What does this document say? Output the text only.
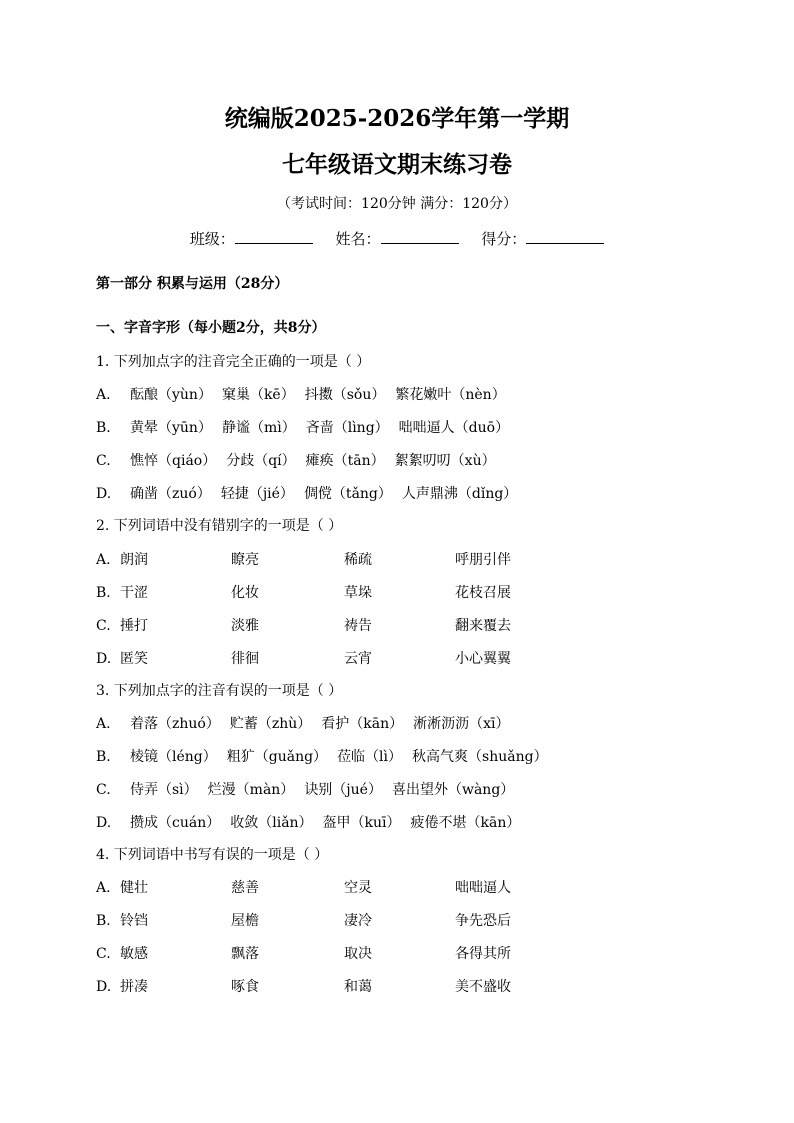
统编版2025-2026学年第一学期
七年级语文期末练习卷
（考试时间：120分钟 满分：120分）
班级：	姓名：	得分：
第一部分 积累与运用（28分）
一、字音字形（每小题2分，共8分）
1. 下列加点字的注音完全正确的一项是（ ）
A. 酝酿（yùn） 窠巢（kē） 抖擞（sǒu） 繁花嫩叶（nèn）
B. 黄晕（yūn） 静谧（mì） 吝啬（lìng） 咄咄逼人（duō）
C. 憔悴（qiáo） 分歧（qí） 瘫痪（tān） 絮絮叨叨（xù）
D. 确凿（zuó） 轻捷（jié） 倜傥（tǎng） 人声鼎沸（dǐng）
2. 下列词语中没有错别字的一项是（ ）
A. 朗润	瞭亮	稀疏	呼朋引伴
B. 干涩	化妆	草垛	花枝召展
C. 捶打	淡雅	祷告	翻来覆去
D. 匿笑	徘徊	云宵	小心翼翼
3. 下列加点字的注音有误的一项是（ ）
A. 着落（zhuó） 贮蓄（zhù） 看护（kān） 淅淅沥沥（xī）
B. 棱镜（léng） 粗犷（guǎng） 莅临（lì） 秋高气爽（shuǎng）
C. 侍弄（sì） 烂漫（màn） 诀别（jué） 喜出望外（wàng）
D. 攒成（cuán） 收敛（liǎn） 盔甲（kuī） 疲倦不堪（kān）
4. 下列词语中书写有误的一项是（ ）
A. 健壮	慈善	空灵	咄咄逼人
B. 铃铛	屋檐	凄冷	争先恐后
C. 敏感	飘落	取决	各得其所
D. 拼凑	啄食	和蔼	美不盛收
